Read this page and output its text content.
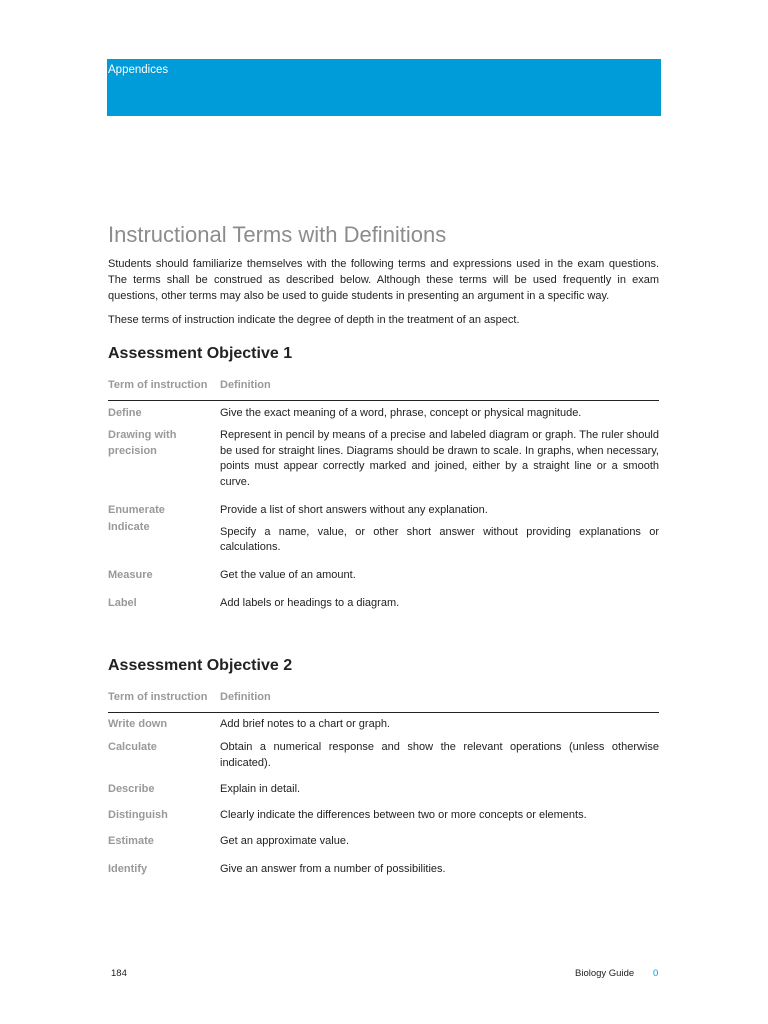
Appendices
Instructional Terms with Definitions

Students should familiarize themselves with the following terms and expressions used in the exam questions. The terms shall be construed as described below. Although these terms will be used frequently in exam questions, other terms may also be used to guide students in presenting an argument in a specific way.

These terms of instruction indicate the degree of depth in the treatment of an aspect.

Assessment Objective 1
Term of instruction	Definition
Define	Give the exact meaning of a word, phrase, concept or physical magnitude.
Drawing with precision	Represent in pencil by means of a precise and labeled diagram or graph. The ruler should be used for straight lines. Diagrams should be drawn to scale. In graphs, when necessary, points must appear correctly marked and joined, either by a straight line or a smooth curve.
Enumerate	Provide a list of short answers without any explanation.
Indicate	Specify a name, value, or other short answer without providing explanations or calculations.
Measure	Get the value of an amount.
Label	Add labels or headings to a diagram.
Assessment Objective 2
Term of instruction	Definition
Write down	Add brief notes to a chart or graph.
Calculate	Obtain a numerical response and show the relevant operations (unless otherwise indicated).
Describe	Explain in detail.
Distinguish	Clearly indicate the differences between two or more concepts or elements.
Estimate	Get an approximate value.
Identify	Give an answer from a number of possibilities.
184	Biology Guide 0
